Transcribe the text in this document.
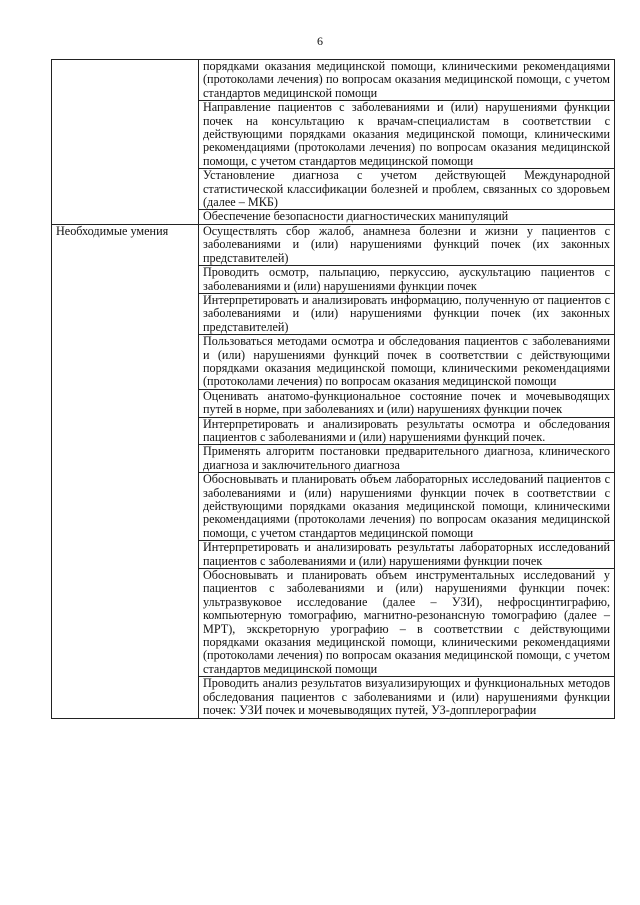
6
	порядками оказания медицинской помощи, клиническими рекомендациями (протоколами лечения) по вопросам оказания медицинской помощи, с учетом стандартов медицинской помощи
	Направление пациентов с заболеваниями и (или) нарушениями функции почек на консультацию к врачам-специалистам в соответствии с действующими порядками оказания медицинской помощи, клиническими рекомендациями (протоколами лечения) по вопросам оказания медицинской помощи, с учетом стандартов медицинской помощи
	Установление диагноза с учетом действующей Международной статистической классификации болезней и проблем, связанных со здоровьем (далее – МКБ)
	Обеспечение безопасности диагностических манипуляций
Необходимые умения	Осуществлять сбор жалоб, анамнеза болезни и жизни у пациентов с заболеваниями и (или) нарушениями функций почек (их законных представителей)
	Проводить осмотр, пальпацию, перкуссию, аускультацию пациентов с заболеваниями и (или) нарушениями функции почек
	Интерпретировать и анализировать информацию, полученную от пациентов с заболеваниями и (или) нарушениями функции почек (их законных представителей)
	Пользоваться методами осмотра и обследования пациентов с заболеваниями и (или) нарушениями функций почек в соответствии с действующими порядками оказания медицинской помощи, клиническими рекомендациями (протоколами лечения) по вопросам оказания медицинской помощи
	Оценивать анатомо-функциональное состояние почек и мочевыводящих путей в норме, при заболеваниях и (или) нарушениях функции почек
	Интерпретировать и анализировать результаты осмотра и обследования пациентов с заболеваниями и (или) нарушениями функций почек.
	Применять алгоритм постановки предварительного диагноза, клинического диагноза и заключительного диагноза
	Обосновывать и планировать объем лабораторных исследований пациентов с заболеваниями и (или) нарушениями функции почек в соответствии с действующими порядками оказания медицинской помощи, клиническими рекомендациями (протоколами лечения) по вопросам оказания медицинской помощи, с учетом стандартов медицинской помощи
	Интерпретировать и анализировать результаты лабораторных исследований пациентов с заболеваниями и (или) нарушениями функции почек
	Обосновывать и планировать объем инструментальных исследований у пациентов с заболеваниями и (или) нарушениями функции почек: ультразвуковое исследование (далее – УЗИ), нефросцинтиграфию, компьютерную томографию, магнитно-резонансную томографию (далее – МРТ), экскреторную урографию – в соответствии с действующими порядками оказания медицинской помощи, клиническими рекомендациями (протоколами лечения) по вопросам оказания медицинской помощи, с учетом стандартов медицинской помощи
	Проводить анализ результатов визуализирующих и функциональных методов обследования пациентов с заболеваниями и (или) нарушениями функции почек: УЗИ почек и мочевыводящих путей, УЗ-допплерографии
